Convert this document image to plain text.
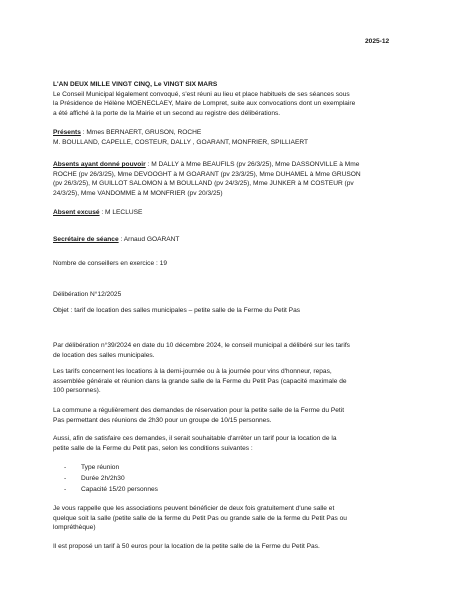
2025-12
L'AN DEUX MILLE VINGT CINQ, Le VINGT SIX MARS
Le Conseil Municipal légalement convoqué, s'est réuni au lieu et place habituels de ses séances sous
la Présidence de Hélène MOENECLAEY, Maire de Lompret, suite aux convocations dont un exemplaire
a été affiché à la porte de la Mairie et un second au registre des délibérations.
Présents : Mmes BERNAERT, GRUSON, ROCHE
M. BOULLAND, CAPELLE, COSTEUR, DALLY , GOARANT, MONFRIER, SPILLIAERT
Absents ayant donné pouvoir : M DALLY à Mme BEAUFILS (pv 26/3/25), Mme DASSONVILLE à Mme
ROCHE (pv 26/3/25), Mme DEVOOGHT à M GOARANT (pv 23/3/25), Mme DUHAMEL à Mme GRUSON
(pv 26/3/25), M GUILLOT SALOMON à M BOULLAND (pv 24/3/25), Mme JUNKER à M COSTEUR (pv
24/3/25), Mme VANDOMME à M MONFRIER (pv 20/3/25)
Absent excusé : M LECLUSE
Secrétaire de séance : Arnaud GOARANT
Nombre de conseillers en exercice : 19
Délibération N°12/2025
Objet : tarif de location des salles municipales – petite salle de la Ferme du Petit Pas
Par délibération n°39/2024 en date du 10 décembre 2024, le conseil municipal a délibéré sur les tarifs
de location des salles municipales.
Les tarifs concernent les locations à la demi-journée ou à la journée pour vins d'honneur, repas,
assemblée générale et réunion dans la grande salle de la Ferme du Petit Pas (capacité maximale de
100 personnes).
La commune a régulièrement des demandes de réservation pour la petite salle de la Ferme du Petit
Pas permettant des réunions de 2h30 pour un groupe de 10/15 personnes.
Aussi, afin de satisfaire ces demandes, il serait souhaitable d'arrêter un tarif pour la location de la
petite salle de la Ferme du Petit pas, selon les conditions suivantes :
- Type réunion
- Durée 2h/2h30
- Capacité 15/20 personnes
Je vous rappelle que les associations peuvent bénéficier de deux fois gratuitement d'une salle et
quelque soit la salle (petite salle de la ferme du Petit Pas ou grande salle de la ferme du Petit Pas ou
lompréthèque)
Il est proposé un tarif à 50 euros pour la location de la petite salle de la Ferme du Petit Pas.
